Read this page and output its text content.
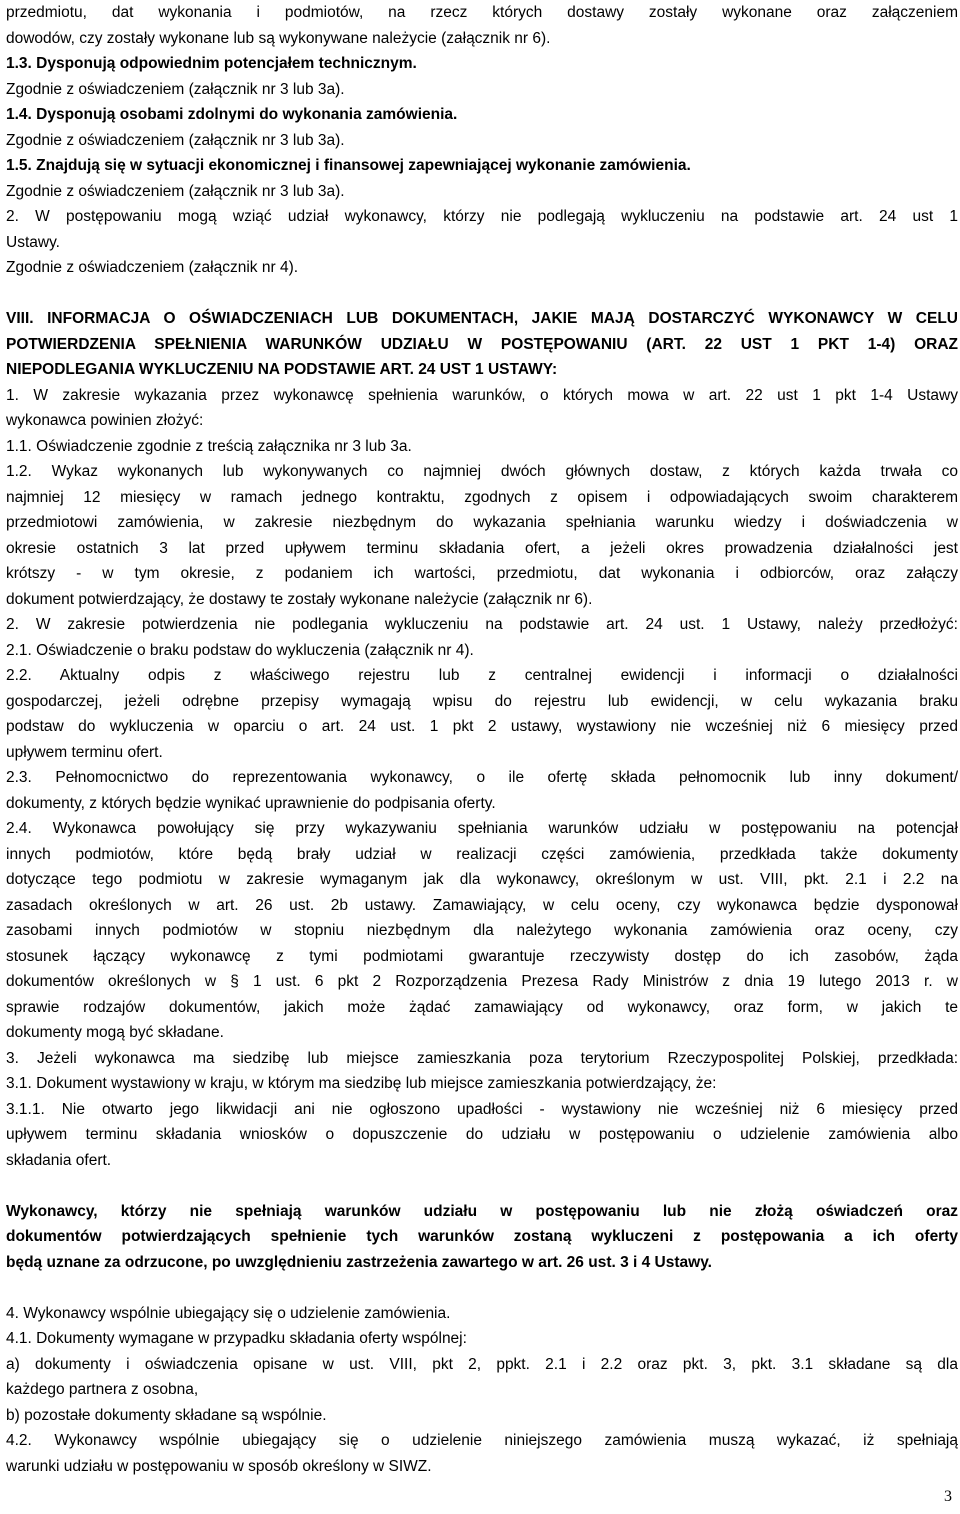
przedmiotu, dat wykonania i podmiotów, na rzecz których dostawy zostały wykonane oraz załączeniem
dowodów, czy zostały wykonane lub są wykonywane należycie (załącznik nr 6).
1.3. Dysponują odpowiednim potencjałem technicznym.
Zgodnie z oświadczeniem (załącznik nr 3 lub 3a).
1.4. Dysponują osobami zdolnymi do wykonania zamówienia.
Zgodnie z oświadczeniem (załącznik nr 3 lub 3a).
1.5. Znajdują się w sytuacji ekonomicznej i finansowej zapewniającej wykonanie zamówienia.
Zgodnie z oświadczeniem (załącznik nr 3 lub 3a).
2. W postępowaniu mogą wziąć udział wykonawcy, którzy nie podlegają wykluczeniu na podstawie art. 24 ust 1
Ustawy.
Zgodnie z oświadczeniem (załącznik nr 4).
VIII. INFORMACJA O OŚWIADCZENIACH LUB DOKUMENTACH, JAKIE MAJĄ DOSTARCZYĆ WYKONAWCY W CELU
POTWIERDZENIA SPEŁNIENIA WARUNKÓW UDZIAŁU W POSTĘPOWANIU (ART. 22 UST 1 PKT 1-4) ORAZ
NIEPODLEGANIA WYKLUCZENIU NA PODSTAWIE ART. 24 UST 1 USTAWY:
1. W zakresie wykazania przez wykonawcę spełnienia warunków, o których mowa w art. 22 ust 1 pkt 1-4 Ustawy
wykonawca powinien złożyć:
1.1. Oświadczenie zgodnie z treścią załącznika nr 3 lub 3a.
1.2. Wykaz wykonanych lub wykonywanych co najmniej dwóch głównych dostaw, z których każda trwała co
najmniej 12 miesięcy w ramach jednego kontraktu, zgodnych z opisem i odpowiadających swoim charakterem
przedmiotowi zamówienia, w zakresie niezbędnym do wykazania spełniania warunku wiedzy i doświadczenia w
okresie ostatnich 3 lat przed upływem terminu składania ofert, a jeżeli okres prowadzenia działalności jest
krótszy - w tym okresie, z podaniem ich wartości, przedmiotu, dat wykonania i odbiorców, oraz załączy
dokument potwierdzający, że dostawy te zostały wykonane należycie (załącznik nr 6).
2. W zakresie potwierdzenia nie podlegania wykluczeniu na podstawie art. 24 ust. 1 Ustawy, należy przedłożyć:
2.1. Oświadczenie o braku podstaw do wykluczenia (załącznik nr 4).
2.2. Aktualny odpis z właściwego rejestru lub z centralnej ewidencji i informacji o działalności
gospodarczej, jeżeli odrębne przepisy wymagają wpisu do rejestru lub ewidencji, w celu wykazania braku
podstaw do wykluczenia w oparciu o art. 24 ust. 1 pkt 2 ustawy, wystawiony nie wcześniej niż 6 miesięcy przed
upływem terminu ofert.
2.3. Pełnomocnictwo do reprezentowania wykonawcy, o ile ofertę składa pełnomocnik lub inny dokument/
dokumenty, z których będzie wynikać uprawnienie do podpisania oferty.
2.4. Wykonawca powołujący się przy wykazywaniu spełniania warunków udziału w postępowaniu na potencjał
innych podmiotów, które będą brały udział w realizacji części zamówienia, przedkłada także dokumenty
dotyczące tego podmiotu w zakresie wymaganym jak dla wykonawcy, określonym w ust. VIII, pkt. 2.1 i 2.2 na
zasadach określonych w art. 26 ust. 2b ustawy. Zamawiający, w celu oceny, czy wykonawca będzie dysponował
zasobami innych podmiotów w stopniu niezbędnym dla należytego wykonania zamówienia oraz oceny, czy
stosunek łączący wykonawcę z tymi podmiotami gwarantuje rzeczywisty dostęp do ich zasobów, żąda
dokumentów określonych w § 1 ust. 6 pkt 2 Rozporządzenia Prezesa Rady Ministrów z dnia 19 lutego 2013 r. w
sprawie rodzajów dokumentów, jakich może żądać zamawiający od wykonawcy, oraz form, w jakich te
dokumenty mogą być składane.
3. Jeżeli wykonawca ma siedzibę lub miejsce zamieszkania poza terytorium Rzeczypospolitej Polskiej, przedkłada:
3.1. Dokument wystawiony w kraju, w którym ma siedzibę lub miejsce zamieszkania potwierdzający, że:
3.1.1. Nie otwarto jego likwidacji ani nie ogłoszono upadłości - wystawiony nie wcześniej niż 6 miesięcy przed
upływem terminu składania wniosków o dopuszczenie do udziału w postępowaniu o udzielenie zamówienia albo
składania ofert.
Wykonawcy, którzy nie spełniają warunków udziału w postępowaniu lub nie złożą oświadczeń oraz
dokumentów potwierdzających spełnienie tych warunków zostaną wykluczeni z postępowania a ich oferty
będą uznane za odrzucone, po uwzględnieniu zastrzeżenia zawartego w art. 26 ust. 3 i 4 Ustawy.
4. Wykonawcy wspólnie ubiegający się o udzielenie zamówienia.
4.1. Dokumenty wymagane w przypadku składania oferty wspólnej:
a) dokumenty i oświadczenia opisane w ust. VIII, pkt 2, ppkt. 2.1 i 2.2 oraz pkt. 3, pkt. 3.1 składane są dla
każdego partnera z osobna,
b) pozostałe dokumenty składane są wspólnie.
4.2. Wykonawcy wspólnie ubiegający się o udzielenie niniejszego zamówienia muszą wykazać, iż spełniają
warunki udziału w postępowaniu w sposób określony w SIWZ.
3
